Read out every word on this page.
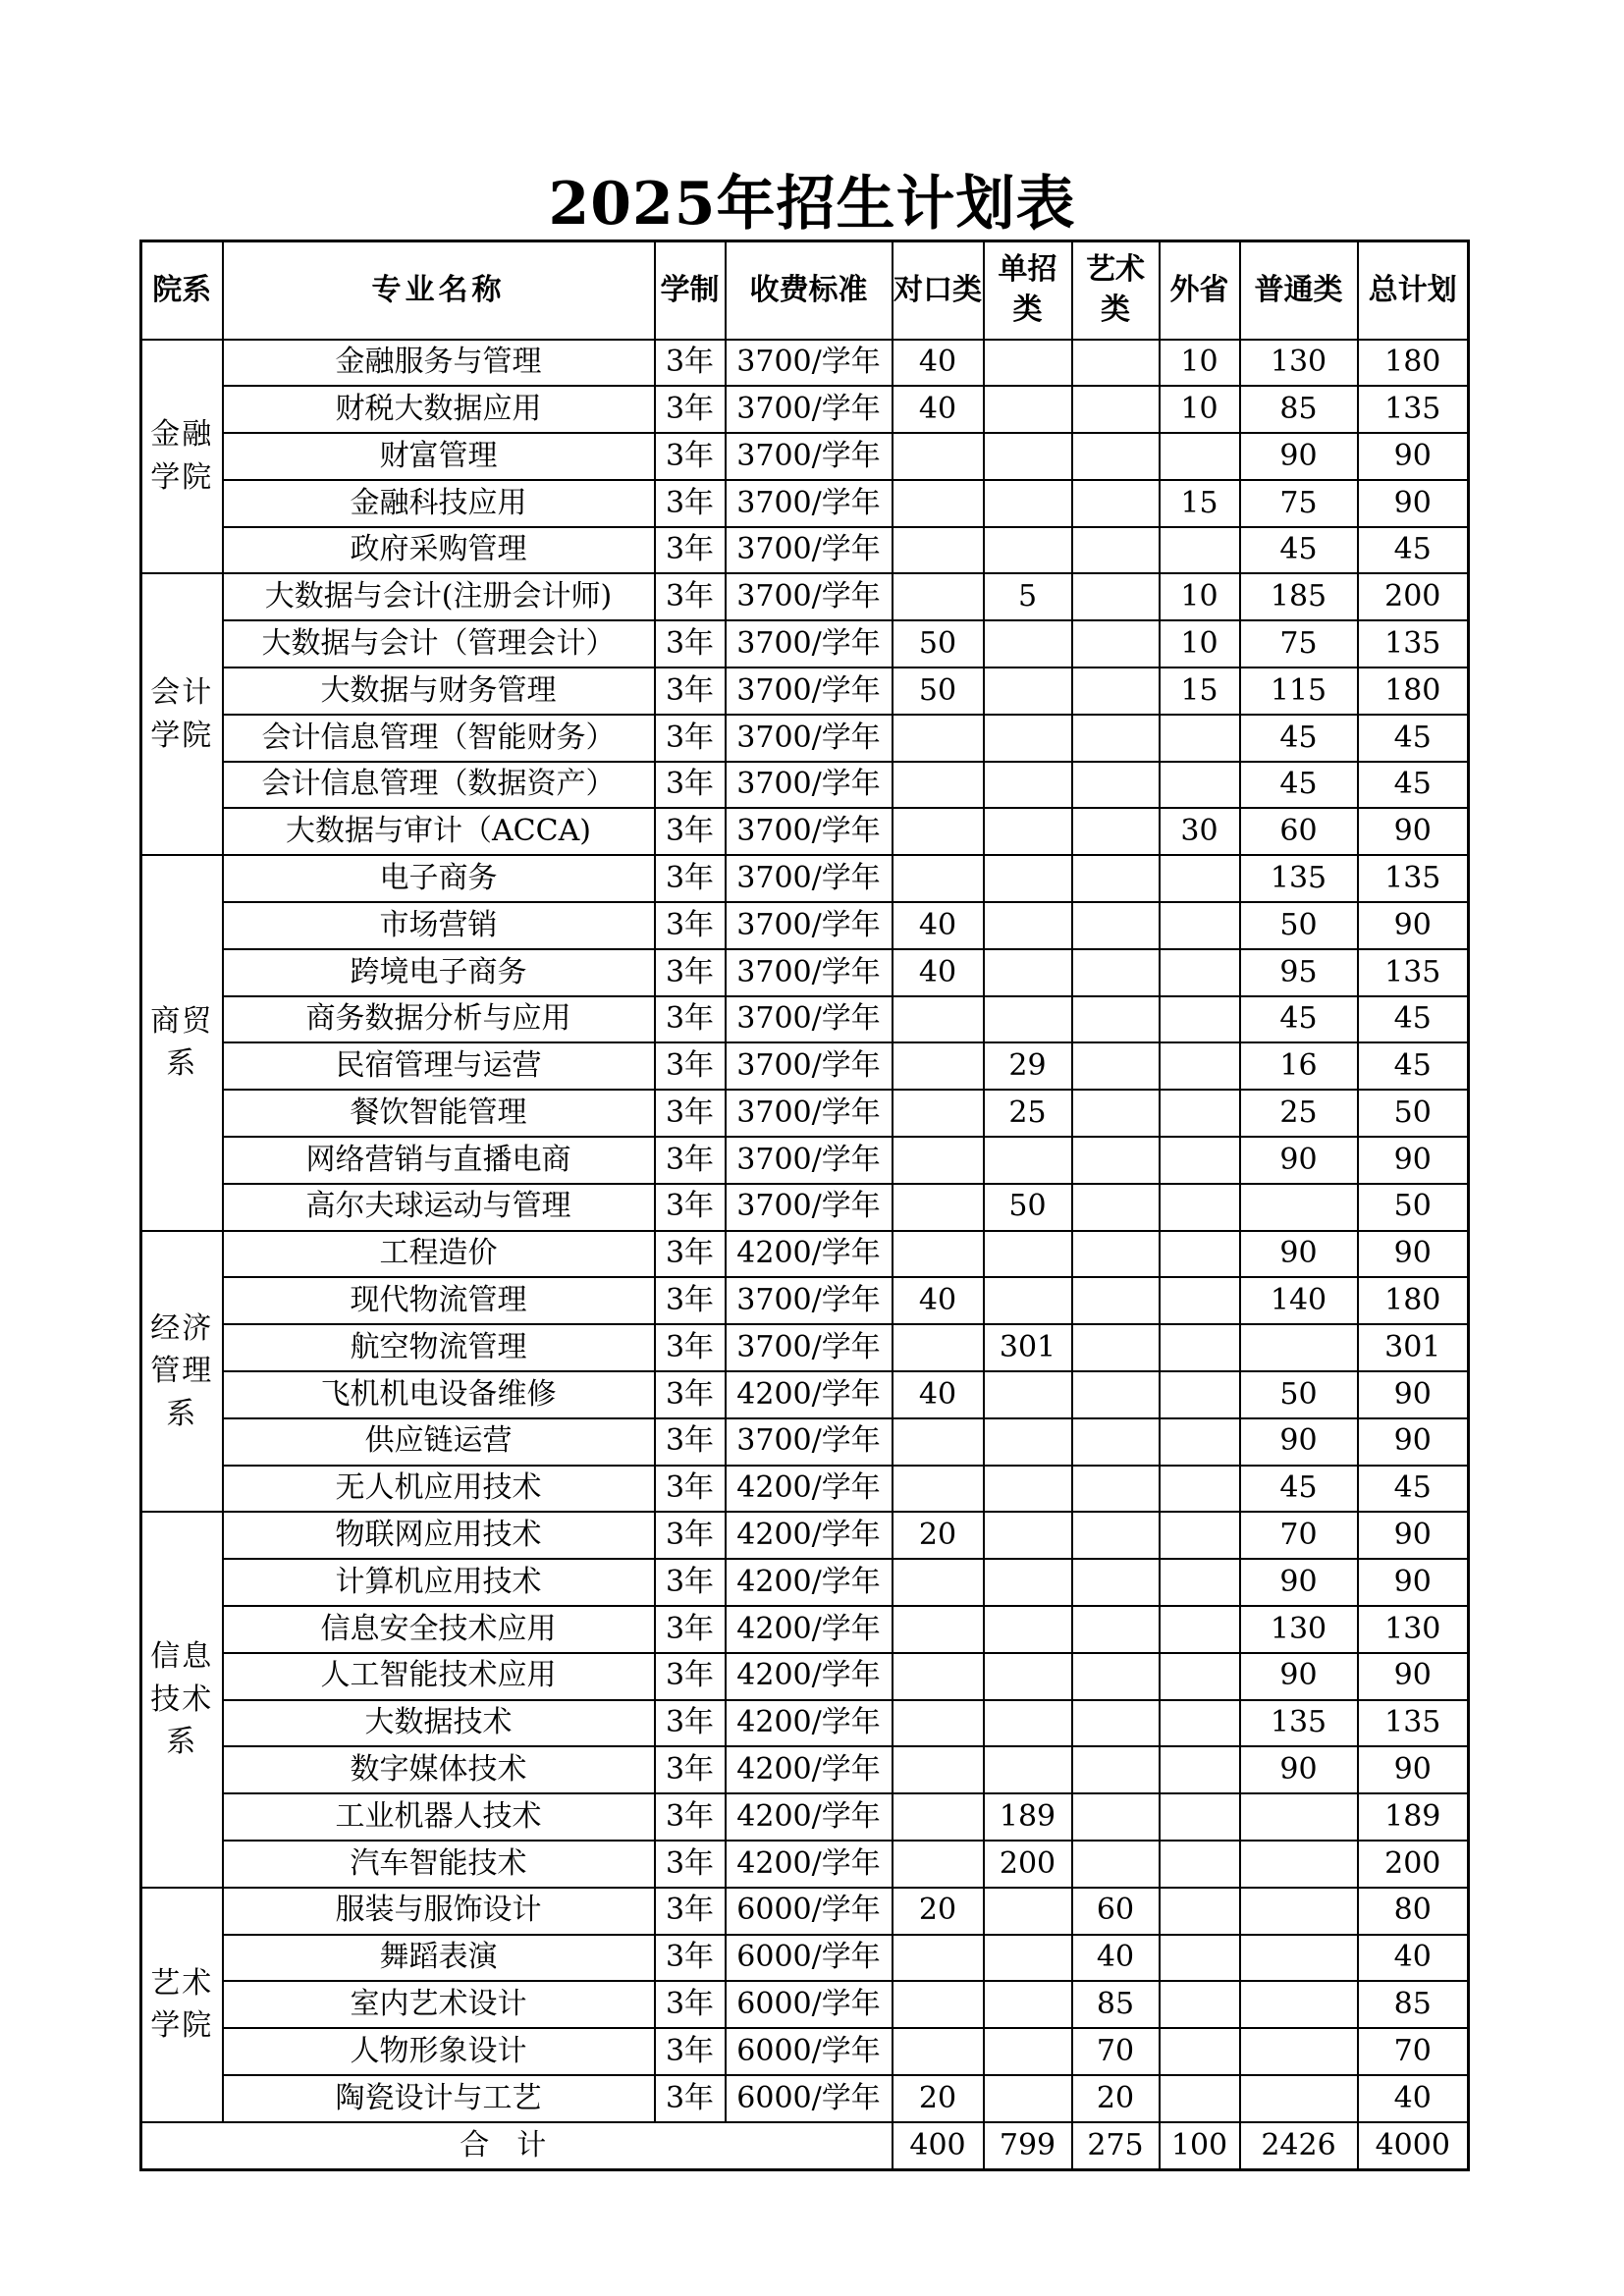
2025年招生计划表
院系	专业名称	学制	收费标准	对口类	单招类	艺术类	外省	普通类	总计划

金融学院	金融服务与管理	3年	3700/学年	40			10	130	180
	财税大数据应用	3年	3700/学年	40			10	85	135
	财富管理	3年	3700/学年					90	90
	金融科技应用	3年	3700/学年				15	75	90
	政府采购管理	3年	3700/学年					45	45

会计学院	大数据与会计(注册会计师)	3年	3700/学年		5		10	185	200
	大数据与会计（管理会计）	3年	3700/学年	50			10	75	135
	大数据与财务管理	3年	3700/学年	50			15	115	180
	会计信息管理（智能财务）	3年	3700/学年					45	45
	会计信息管理（数据资产）	3年	3700/学年					45	45
	大数据与审计（ACCA)	3年	3700/学年				30	60	90

商贸系	电子商务	3年	3700/学年					135	135
	市场营销	3年	3700/学年	40				50	90
	跨境电子商务	3年	3700/学年	40				95	135
	商务数据分析与应用	3年	3700/学年					45	45
	民宿管理与运营	3年	3700/学年		29			16	45
	餐饮智能管理	3年	3700/学年		25			25	50
	网络营销与直播电商	3年	3700/学年					90	90
	高尔夫球运动与管理	3年	3700/学年		50				50

经济管理系	工程造价	3年	4200/学年					90	90
	现代物流管理	3年	3700/学年	40				140	180
	航空物流管理	3年	3700/学年		301				301
	飞机机电设备维修	3年	4200/学年	40				50	90
	供应链运营	3年	3700/学年					90	90
	无人机应用技术	3年	4200/学年					45	45

信息技术系	物联网应用技术	3年	4200/学年	20				70	90
	计算机应用技术	3年	4200/学年					90	90
	信息安全技术应用	3年	4200/学年					130	130
	人工智能技术应用	3年	4200/学年					90	90
	大数据技术	3年	4200/学年					135	135
	数字媒体技术	3年	4200/学年					90	90
	工业机器人技术	3年	4200/学年		189				189
	汽车智能技术	3年	4200/学年		200				200

艺术学院	服装与服饰设计	3年	6000/学年	20		60			80
	舞蹈表演	3年	6000/学年			40			40
	室内艺术设计	3年	6000/学年			85			85
	人物形象设计	3年	6000/学年			70			70
	陶瓷设计与工艺	3年	6000/学年	20		20			40
合计				400	799	275	100	2426	4000
